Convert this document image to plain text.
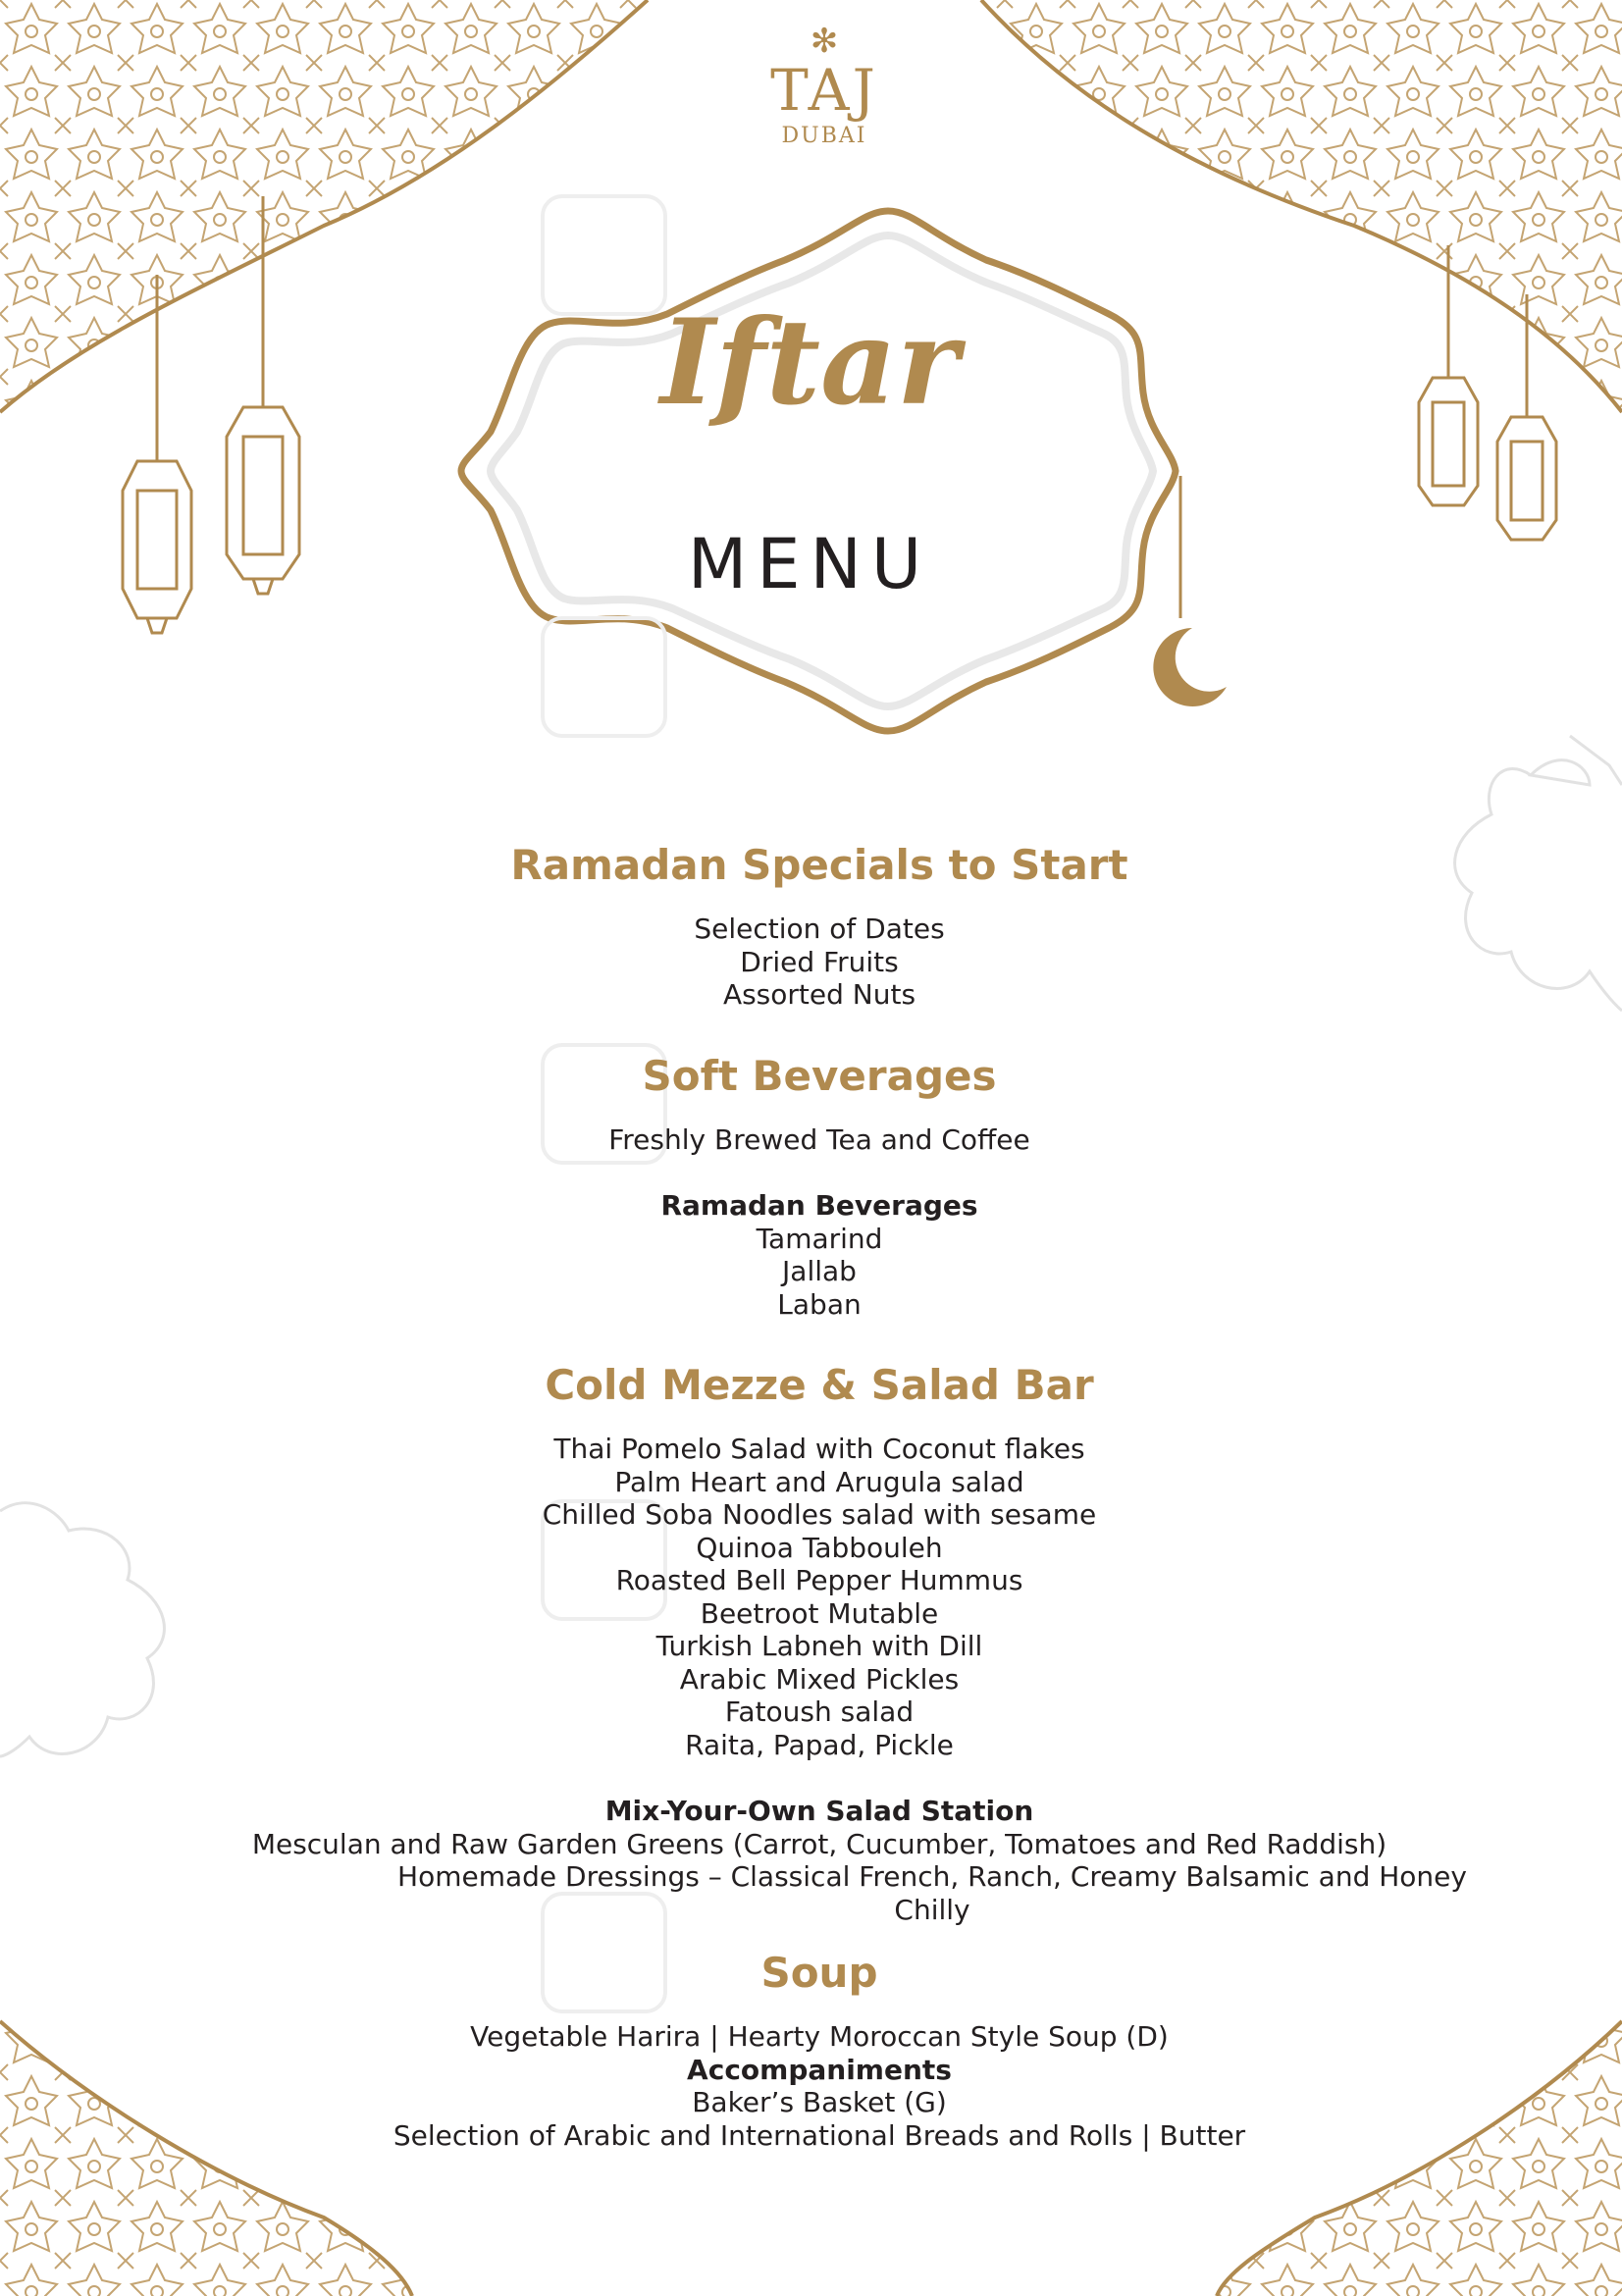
✻
TAJ
DUBAI
Iftar
MENU
Ramadan Specials to Start
Selection of Dates
Dried Fruits
Assorted Nuts
Soft Beverages
Freshly Brewed Tea and Coffee
Ramadan Beverages
Tamarind
Jallab
Laban
Cold Mezze & Salad Bar
Thai Pomelo Salad with Coconut flakes
Palm Heart and Arugula salad
Chilled Soba Noodles salad with sesame
Quinoa Tabbouleh
Roasted Bell Pepper Hummus
Beetroot Mutable
Turkish Labneh with Dill
Arabic Mixed Pickles
Fatoush salad
Raita, Papad, Pickle
Mix-Your-Own Salad Station
Mesculan and Raw Garden Greens (Carrot, Cucumber, Tomatoes and Red Raddish)
Homemade Dressings – Classical French, Ranch, Creamy Balsamic and Honey Chilly
Soup
Vegetable Harira | Hearty Moroccan Style Soup (D)
Accompaniments
Baker’s Basket (G)
Selection of Arabic and International Breads and Rolls | Butter
